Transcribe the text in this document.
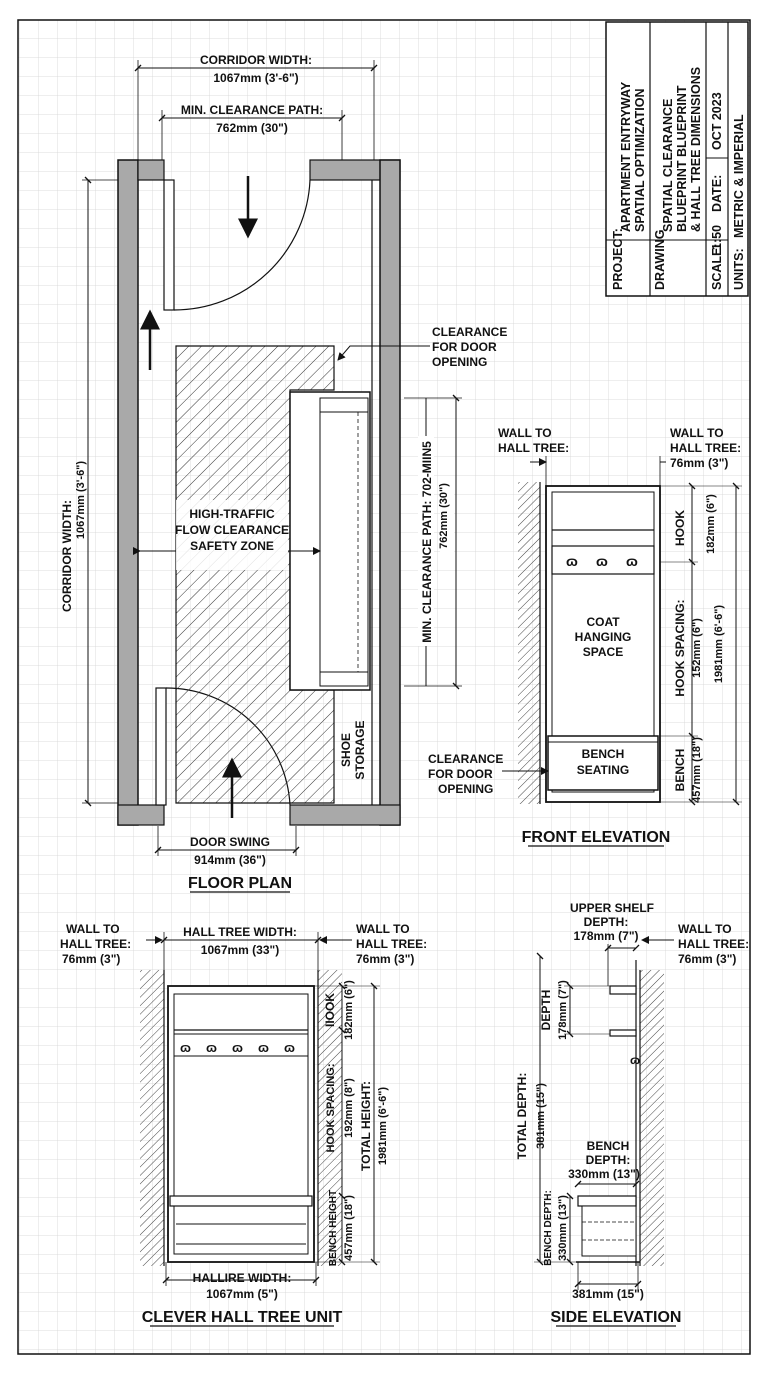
PROJECT:
APARTMENT ENTRYWAY SPATIAL OPTIMIZATION
DRAWING
SPATIAL CLEARANCE BLUEPRINT BLUEPRINT & HALL TREE DIMENSIONS
SCALE:
1:50
DATE:
OCT 2023
UNITS:
METRIC & IMPERIAL
HIGH-TRAFFIC
FLOW CLEARANCE
SAFETY ZONE
CORRIDOR WIDTH:
1067mm (3'-6")
MIN. CLEARANCE PATH:
762mm (30")
CORRIDOR WIDTH:
1067mm (3'-6")
CLEARANCE
FOR DOOR
OPENING
MIN. CLEARANCE PATH: 702-MIIN5 762mm (30")
SHOE STORAGE
DOOR SWING
914mm (36")
FLOOR PLAN
ɷ ɷ ɷ
BENCH
SEATING
COAT
HANGING
SPACE
WALL TO
HALL TREE:
WALL TO
HALL TREE:
76mm (3")
HOOK 182mm (6")
HOOK SPACING: 152mm (6") 1981mm (6'-6")
BENCH 457mm (18")
CLEARANCE
FOR DOOR
OPENING
FRONT ELEVATION
ɷ ɷ ɷ ɷ ɷ
HALL TREE WIDTH:
1067mm (33")
WALL TO
HALL TREE:
76mm (3")
WALL TO
HALL TREE:
76mm (3")
IIOOK 182mm (6")
HOOK SPACING: 192mm (8") TOTAL HEIGHT: 1981mm (6'-6")
BENCH HEIGHT 457mm (18")
HALLIRE WIDTH:
1067mm (5")
CLEVER HALL TREE UNIT
ɷ
UPPER SHELF
DEPTH:
178mm (7")	WALL TO
HALL TREE:
76mm (3")
DEPTH 178mm (7")
TOTAL DEPTH: 381mm (15")	BENCH
DEPTH:
330mm (13")
BENCH DEPTH: 330mm (13")
381mm (15")
SIDE ELEVATION
